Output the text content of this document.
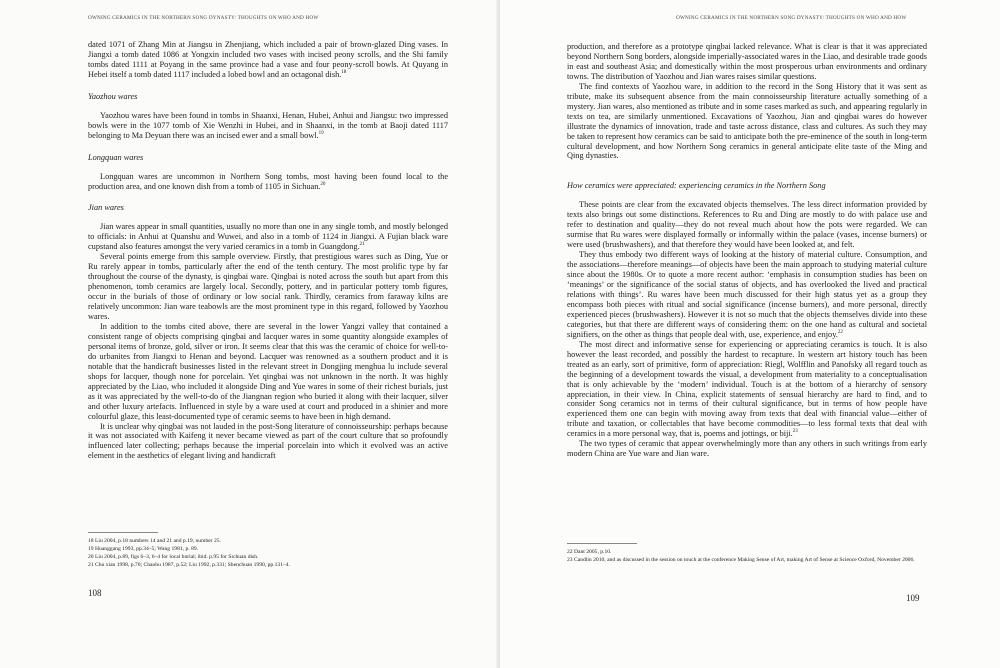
OWNING CERAMICS IN THE NORTHERN SONG DYNASTY: THOUGHTS ON WHO AND HOW

dated 1071 of Zhang Min at Jiangsu in Zhenjiang, which included a pair of brown-glazed Ding vases. In Jiangxi a tomb dated 1086 at Yongxin included two vases with incised peony scrolls, and the Shi family tombs dated 1111 at Poyang in the same province had a vase and four peony-scroll bowls. At Quyang in Hebei itself a tomb dated 1117 included a lobed bowl and an octagonal dish.$^{18}$

Yaozhou wares

Yaozhou wares have been found in tombs in Shaanxi, Henan, Hubei, Anhui and Jiangsu: two impressed bowls were in the 1077 tomb of Xie Wenzhi in Hubei, and in Shaanxi, in the tomb at Baoji dated 1117 belonging to Ma Deyuan there was an incised ewer and a small bowl.$^{19}$

Longquan wares

Longquan wares are uncommon in Northern Song tombs, most having been found local to the production area, and one known dish from a tomb of 1105 in Sichuan.$^{20}$

Jian wares

Jian wares appear in small quantities, usually no more than one in any single tomb, and mostly belonged to officials: in Anhui at Quanshu and Wuwei, and also in a tomb of 1124 in Jiangxi. A Fujian black ware cupstand also features amongst the very varied ceramics in a tomb in Guangdong.$^{21}$

Several points emerge from this sample overview. Firstly, that prestigious wares such as Ding, Yue or Ru rarely appear in tombs, particularly after the end of the tenth century. The most prolific type by far throughout the course of the dynasty, is qingbai ware. Qingbai is noted across the south but apart from this phenomenon, tomb ceramics are largely local. Secondly, pottery, and in particular pottery tomb figures, occur in the burials of those of ordinary or low social rank. Thirdly, ceramics from faraway kilns are relatively uncommon: Jian ware teabowls are the most prominent type in this regard, followed by Yaozhou wares.

In addition to the tombs cited above, there are several in the lower Yangzi valley that contained a consistent range of objects comprising qingbai and lacquer wares in some quantity alongside examples of personal items of bronze, gold, silver or iron. It seems clear that this was the ceramic of choice for well-to-do urbanites from Jiangxi to Henan and beyond. Lacquer was renowned as a southern product and it is notable that the handicraft businesses listed in the relevant street in Dongjing menghua lu include several shops for lacquer, though none for porcelain. Yet qingbai was not unknown in the north. It was highly appreciated by the Liao, who included it alongside Ding and Yue wares in some of their richest burials, just as it was appreciated by the well-to-do of the Jiangnan region who buried it along with their lacquer, silver and other luxury artefacts. Influenced in style by a ware used at court and produced in a shinier and more colourful glaze, this least-documented type of ceramic seems to have been in high demand.

It is unclear why qingbai was not lauded in the post-Song literature of connoisseurship: perhaps because it was not associated with Kaifeng it never became viewed as part of the court culture that so profoundly influenced later collecting; perhaps because the imperial porcelain into which it evolved was an active element in the aesthetics of elegant living and handicraft

18 Liu 2004, p.18 numbers 14 and 21 and p.19, number 25.

19 Huanggang 1993, pp.34–5; Wang 1981, p. 89.

20 Liu 2004, p.89, figs 6–3, 6–4 for local burial; ibid. p.95 for Sichuan dish.

21 Chu xian 1998, p.70; Chaohu 1987, p.52; Liu 1992, p.331; Shenchuan 1990, pp.131–4.

108
OWNING CERAMICS IN THE NORTHERN SONG DYNASTY: THOUGHTS ON WHO AND HOW

production, and therefore as a prototype qingbai lacked relevance. What is clear is that it was appreciated beyond Northern Song borders, alongside imperially-associated wares in the Liao, and desirable trade goods in east and southeast Asia; and domestically within the most prosperous urban environments and ordinary towns. The distribution of Yaozhou and Jian wares raises similar questions.

The find contexts of Yaozhou ware, in addition to the record in the Song History that it was sent as tribute, make its subsequent absence from the main connoisseurship literature actually something of a mystery. Jian wares, also mentioned as tribute and in some cases marked as such, and appearing regularly in texts on tea, are similarly unmentioned. Excavations of Yaozhou, Jian and qingbai wares do however illustrate the dynamics of innovation, trade and taste across distance, class and cultures. As such they may be taken to represent how ceramics can be said to anticipate both the pre-eminence of the south in long-term cultural development, and how Northern Song ceramics in general anticipate elite taste of the Ming and Qing dynasties.

How ceramics were appreciated: experiencing ceramics in the Northern Song

These points are clear from the excavated objects themselves. The less direct information provided by texts also brings out some distinctions. References to Ru and Ding are mostly to do with palace use and refer to destination and quality—they do not reveal much about how the pots were regarded. We can surmise that Ru wares were displayed formally or informally within the palace (vases, incense burners) or were used (brushwashers), and that therefore they would have been looked at, and felt.

They thus embody two different ways of looking at the history of material culture. Consumption, and the associations—therefore meanings—of objects have been the main approach to studying material culture since about the 1980s. Or to quote a more recent author: ‘emphasis in consumption studies has been on ‘meanings’ or the significance of the social status of objects, and has overlooked the lived and practical relations with things’. Ru wares have been much discussed for their high status yet as a group they encompass both pieces with ritual and social significance (incense burners), and more personal, directly experienced pieces (brushwashers). However it is not so much that the objects themselves divide into these categories, but that there are different ways of considering them: on the one hand as cultural and societal signifiers, on the other as things that people deal with, use, experience, and enjoy.$^{22}$

The most direct and informative sense for experiencing or appreciating ceramics is touch. It is also however the least recorded, and possibly the hardest to recapture. In western art history touch has been treated as an early, sort of primitive, form of appreciation: Riegl, Wolfflin and Panofsky all regard touch as the beginning of a development towards the visual, a development from materiality to a conceptualisation that is only achievable by the ‘modern’ individual. Touch is at the bottom of a hierarchy of sensory appreciation, in their view. In China, explicit statements of sensual hierarchy are hard to find, and to consider Song ceramics not in terms of their cultural significance, but in terms of how people have experienced them one can begin with moving away from texts that deal with financial value—either of tribute and taxation, or collectables that have become commodities—to less formal texts that deal with ceramics in a more personal way, that is, poems and jottings, or biji.$^{23}$

The two types of ceramic that appear overwhelmingly more than any others in such writings from early modern China are Yue ware and Jian ware.

22 Dant 2005, p.10.

23 Candlin 2010, and as discussed in the session on touch at the conference Making Sense of Art, making Art of Sense at Science Oxford, November 2006.

109
